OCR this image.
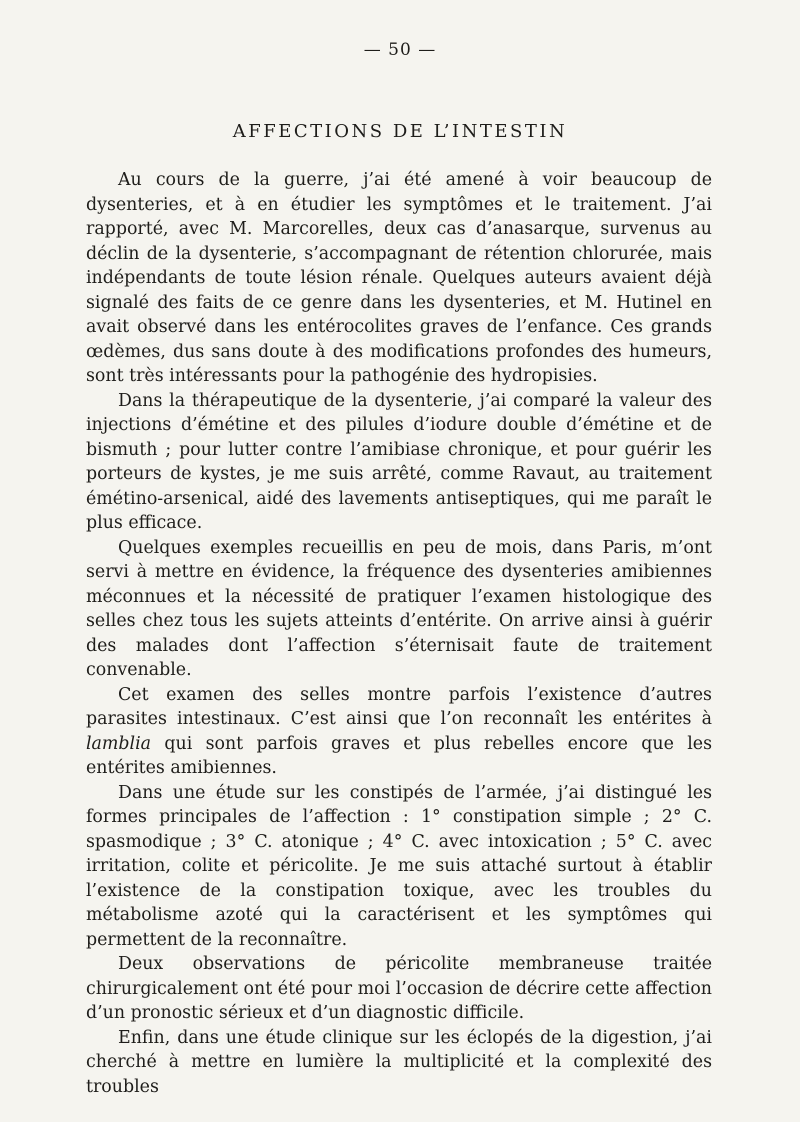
— 50 —
AFFECTIONS DE L’INTESTIN

Au cours de la guerre, j’ai été amené à voir beaucoup de dysenteries, et à en étudier les symptômes et le traitement. J’ai rapporté, avec M. Marcorelles, deux cas d’anasarque, survenus au déclin de la dysenterie, s’accompagnant de rétention chlorurée, mais indépendants de toute lésion rénale. Quelques auteurs avaient déjà signalé des faits de ce genre dans les dysenteries, et M. Hutinel en avait observé dans les entérocolites graves de l’enfance. Ces grands œdèmes, dus sans doute à des modifications profondes des humeurs, sont très intéressants pour la pathogénie des hydropisies.

Dans la thérapeutique de la dysenterie, j’ai comparé la valeur des injections d’émétine et des pilules d’iodure double d’émétine et de bismuth ; pour lutter contre l’amibiase chronique, et pour guérir les porteurs de kystes, je me suis arrêté, comme Ravaut, au traitement émétino-arsenical, aidé des lavements antiseptiques, qui me paraît le plus efficace.

Quelques exemples recueillis en peu de mois, dans Paris, m’ont servi à mettre en évidence, la fréquence des dysenteries amibiennes méconnues et la nécessité de pratiquer l’examen histologique des selles chez tous les sujets atteints d’entérite. On arrive ainsi à guérir des malades dont l’affection s’éternisait faute de traitement convenable.

Cet examen des selles montre parfois l’existence d’autres parasites intestinaux. C’est ainsi que l’on reconnaît les entérites à lamblia qui sont parfois graves et plus rebelles encore que les entérites amibiennes.

Dans une étude sur les constipés de l’armée, j’ai distingué les formes principales de l’affection : 1° constipation simple ; 2° C. spasmodique ; 3° C. atonique ; 4° C. avec intoxication ; 5° C. avec irritation, colite et péricolite. Je me suis attaché surtout à établir l’existence de la constipation toxique, avec les troubles du métabolisme azoté qui la caractérisent et les symptômes qui permettent de la reconnaître.

Deux observations de péricolite membraneuse traitée chirurgicalement ont été pour moi l’occasion de décrire cette affection d’un pronostic sérieux et d’un diagnostic difficile.

Enfin, dans une étude clinique sur les éclopés de la digestion, j’ai cherché à mettre en lumière la multiplicité et la complexité des troubles
